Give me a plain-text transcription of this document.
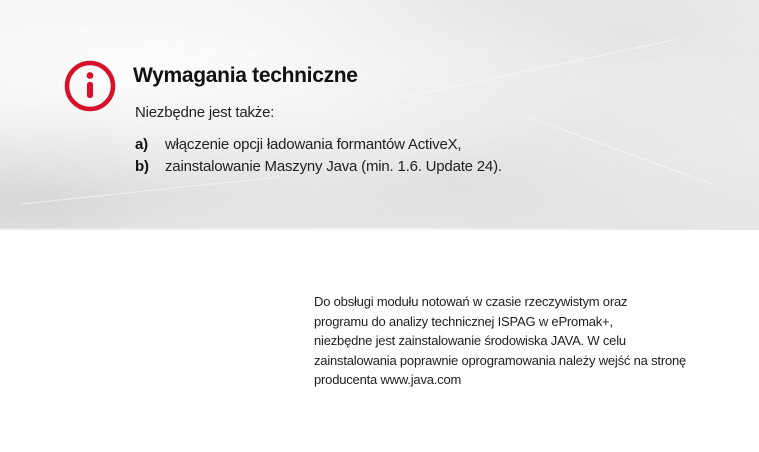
Wymagania techniczne
Niezbędne jest także:
a)	włączenie opcji ładowania formantów ActiveX,
b)	zainstalowanie Maszyny Java (min. 1.6. Update 24).
Do obsługi modułu notowań w czasie rzeczywistym oraz
programu do analizy technicznej ISPAG w ePromak+,
niezbędne jest zainstalowanie środowiska JAVA. W celu
zainstalowania poprawnie oprogramowania należy wejść na stronę
producenta www.java.com
